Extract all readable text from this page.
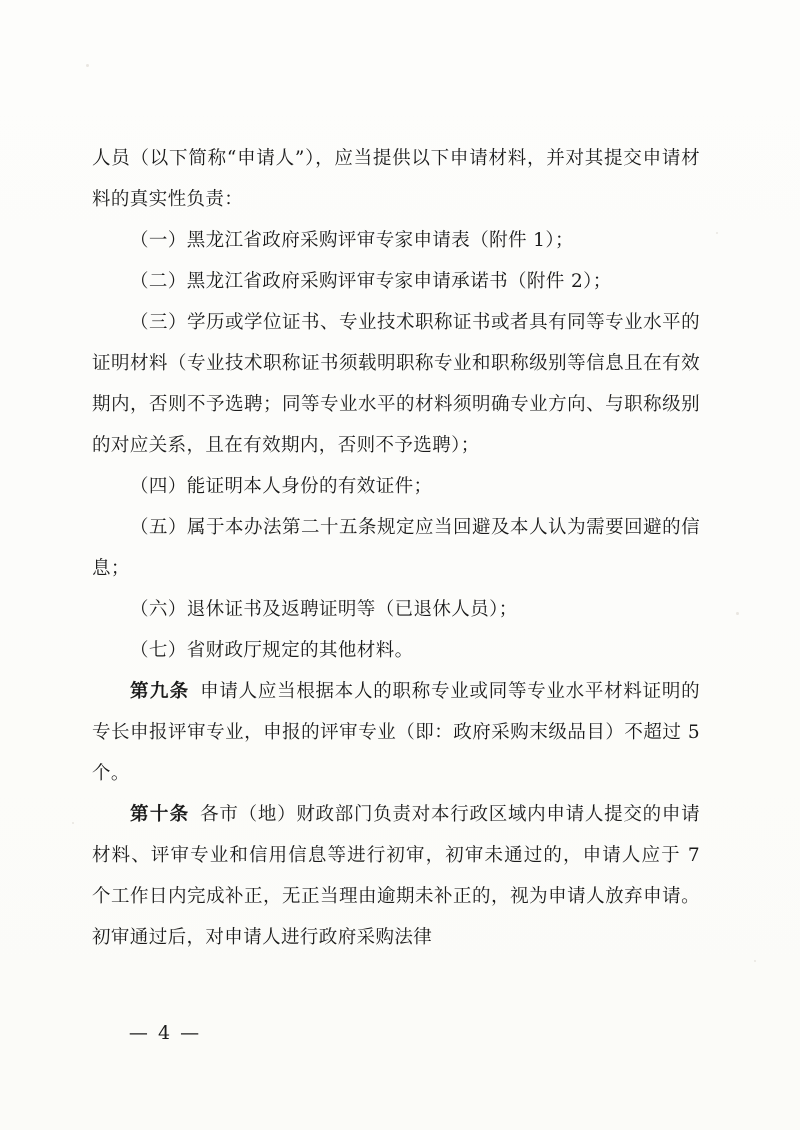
人员（以下简称“申请人”），应当提供以下申请材料，并对其提交申请材料的真实性负责：

（一）黑龙江省政府采购评审专家申请表（附件 1）；

（二）黑龙江省政府采购评审专家申请承诺书（附件 2）；

（三）学历或学位证书、专业技术职称证书或者具有同等专业水平的证明材料（专业技术职称证书须载明职称专业和职称级别等信息且在有效期内，否则不予选聘；同等专业水平的材料须明确专业方向、与职称级别的对应关系，且在有效期内，否则不予选聘）；

（四）能证明本人身份的有效证件；

（五）属于本办法第二十五条规定应当回避及本人认为需要回避的信息；

（六）退休证书及返聘证明等（已退休人员）；

（七）省财政厅规定的其他材料。

第九条 申请人应当根据本人的职称专业或同等专业水平材料证明的专长申报评审专业，申报的评审专业（即：政府采购末级品目）不超过 5 个。

第十条 各市（地）财政部门负责对本行政区域内申请人提交的申请材料、评审专业和信用信息等进行初审，初审未通过的，申请人应于 7 个工作日内完成补正，无正当理由逾期未补正的，视为申请人放弃申请。初审通过后，对申请人进行政府采购法律

— 4 —
